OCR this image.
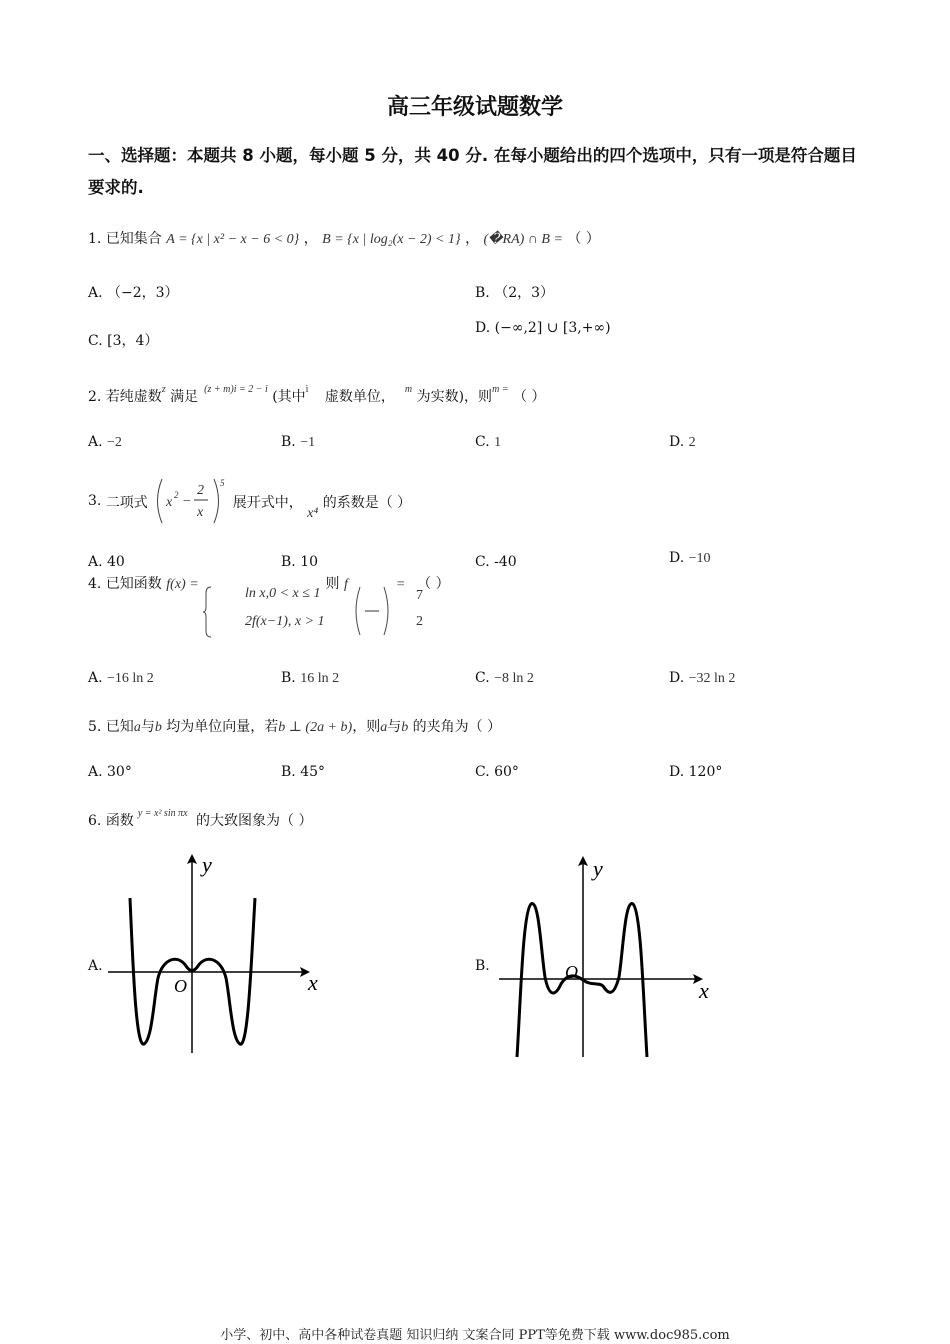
高三年级试题数学
一、选择题：本题共 8 小题，每小题 5 分，共 40 分. 在每小题给出的四个选项中，只有一项是符合题目要求的.
1. 已知集合 A = {x | x² − x − 6 < 0} ， B = {x | log₂(x − 2) < 1} ， (�RA) ∩ B = （ ）
A. （−2，3）	B. （2，3）
C. [3，4）
D. (−∞,2] ∪ [3,+∞)
2. 若纯虚数$^z$ 满足 $^{(z + m)i = 2 - i}$ (其中$^i$ 虚数单位， $^m$ 为实数)，则$^{m =}$ （ ）
A. −2	B. −1	C. 1	D. 2
3. 二项式 x 2 −
2
x
5
展开式中， x⁴ 的系数是（ ）
A. 40	B. 10	C. -40	D. −10
4. 已知函数 f(x) =	则 f	= （ ）
ln x,0 < x ≤ 1
2f(x−1), x > 1
7
2
A. −16 ln 2	B. 16 ln 2	C. −8 ln 2	D. −32 ln 2
5. 已知a与b 均为单位向量，若b ⊥ (2a + b)，则a与b 的夹角为（ ）
A. 30°	B. 45°	C. 60°	D. 120°
6. 函数 $^{y = x^2 sin \pi x}$ 的大致图象为（ ）
A.	B.
y
x
O
y
x
O
小学、初中、高中各种试卷真题 知识归纳 文案合同 PPT等免费下载 www.doc985.com
